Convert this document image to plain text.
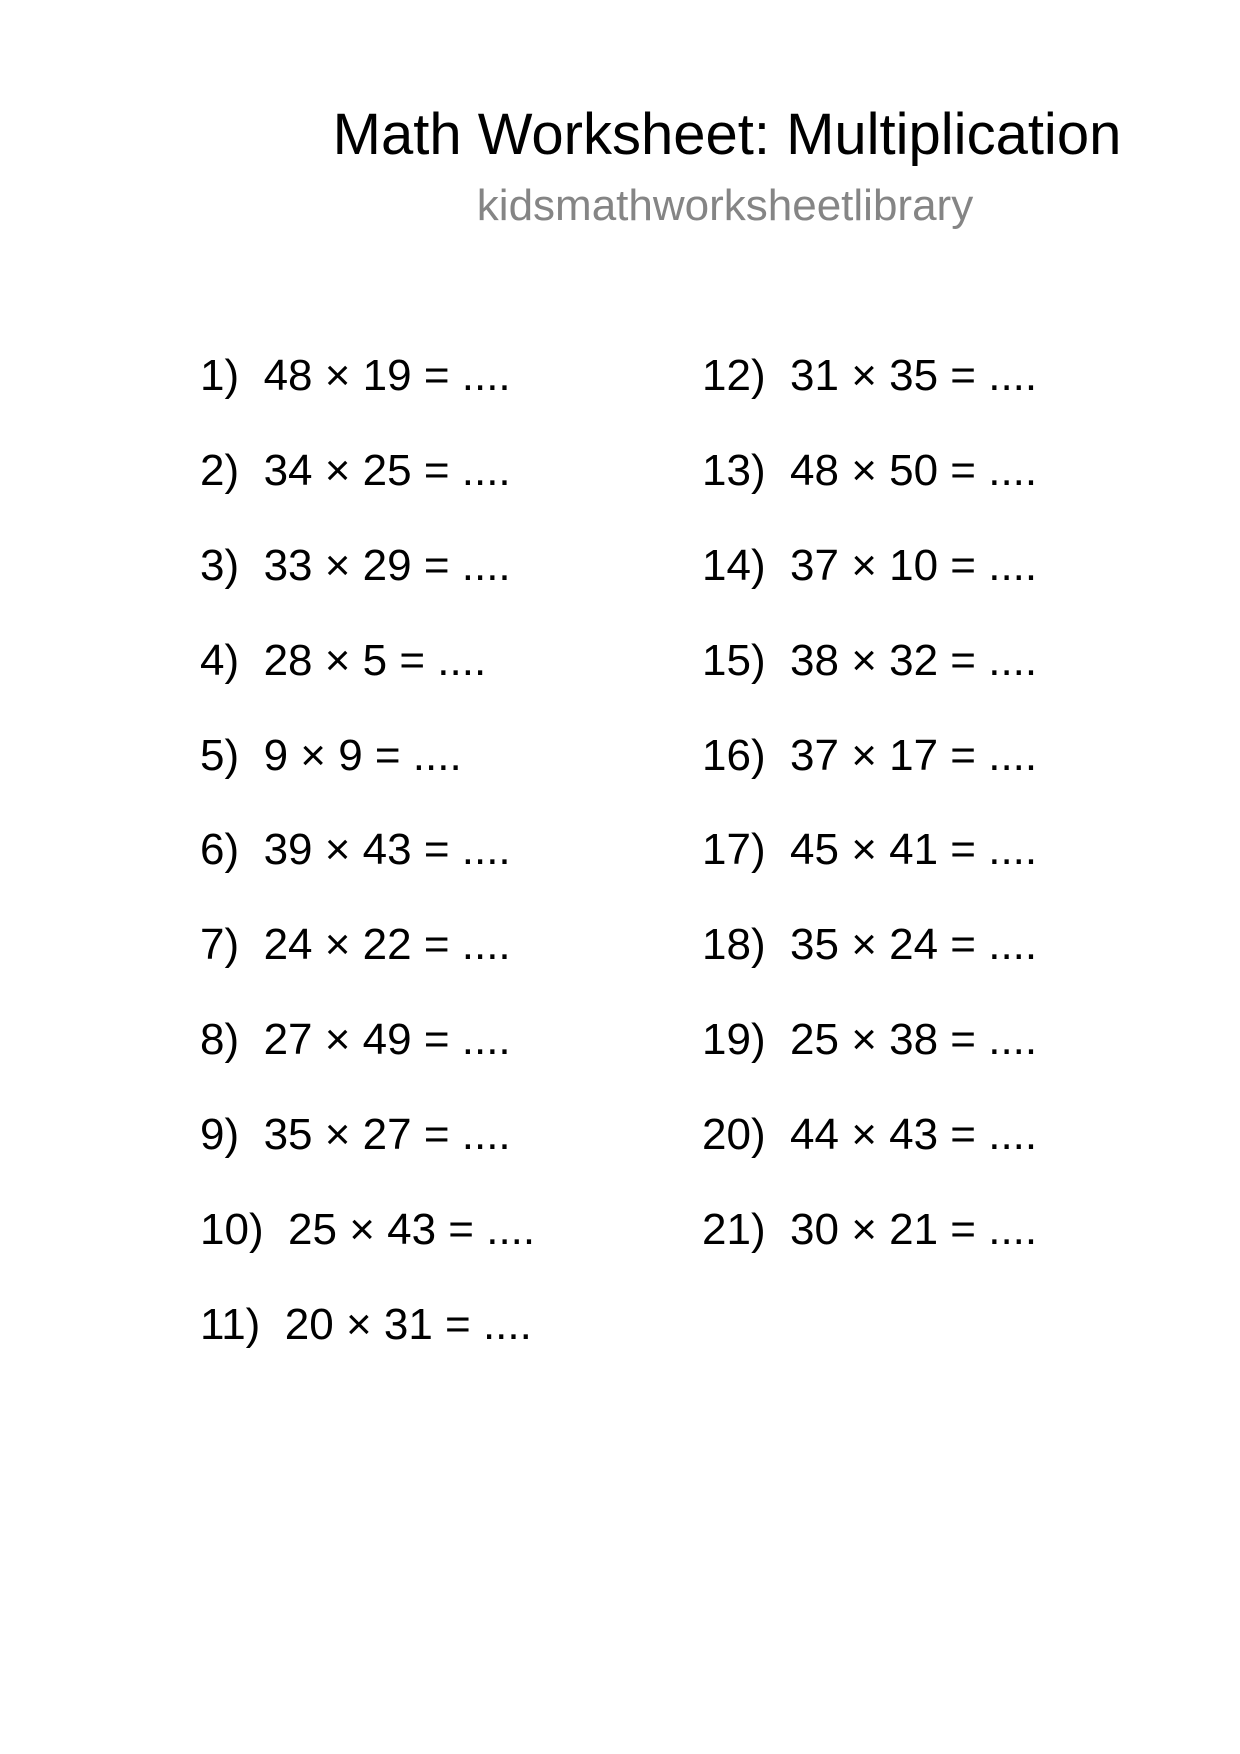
Math Worksheet: Multiplication
kidsmathworksheetlibrary
1) 48 × 19 = ....
2) 34 × 25 = ....
3) 33 × 29 = ....
4) 28 × 5 = ....
5) 9 × 9 = ....
6) 39 × 43 = ....
7) 24 × 22 = ....
8) 27 × 49 = ....
9) 35 × 27 = ....
10) 25 × 43 = ....
11) 20 × 31 = ....
12) 31 × 35 = ....
13) 48 × 50 = ....
14) 37 × 10 = ....
15) 38 × 32 = ....
16) 37 × 17 = ....
17) 45 × 41 = ....
18) 35 × 24 = ....
19) 25 × 38 = ....
20) 44 × 43 = ....
21) 30 × 21 = ....
